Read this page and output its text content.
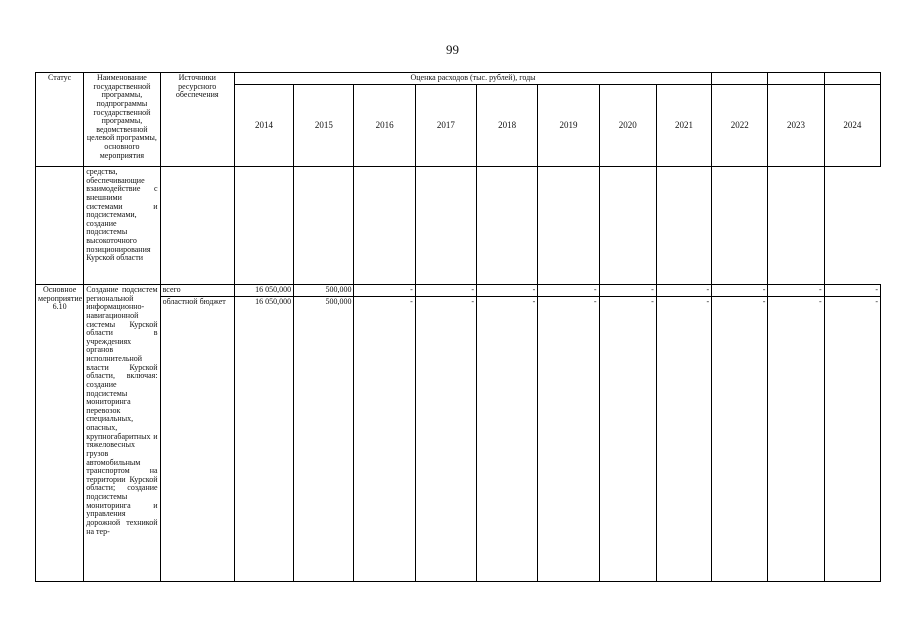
99
Статус	Наименование государственной программы, подпрограммы государственной программы, ведомственной целевой программы, основного мероприятия	Источники ресурсного обеспечения	Оценка расходов (тыс. рублей), годы										
			2014	2015	2016	2017	2018	2019	2020	2021	2022	2023	2024
	средства, обеспечивающие взаимодействие с внешними системами и подсистемами, создание подсистемы высокоточного позиционирования Курской области												
Основное мероприятие 6.10	Создание подсистем региональной информационно-навигационной системы Курской области в учреждениях органов исполнительной власти Курской области, включая: создание подсистемы мониторинга перевозок специальных, опасных, крупногабаритных и тяжеловесных грузов автомобильным транспортом на территории Курской области; создание подсистемы мониторинга и управления дорожной техникой на тер-	всего	16 050,000	500,000	-	-	-	-	-	-	-	-	-
		областной бюджет	16 050,000	500,000	-	-	-	-	-	-	-	-	-
